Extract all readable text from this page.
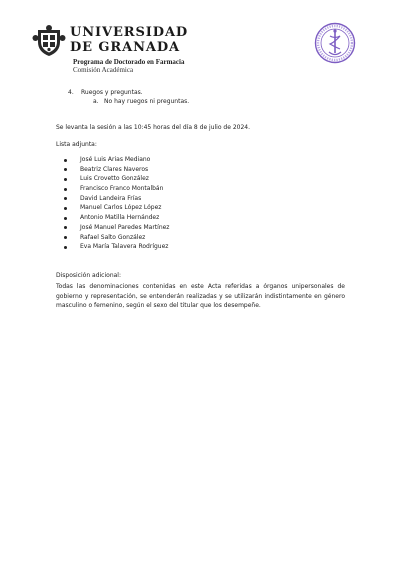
UNIVERSIDAD
DE GRANADA
Programa de Doctorado en Farmacia
Comisión Académica
4. Ruegos y preguntas.
a. No hay ruegos ni preguntas.
Se levanta la sesión a las 10:45 horas del día 8 de julio de 2024.
Lista adjunta:
José Luis Arias Mediano
Beatriz Clares Naveros
Luis Crovetto González
Francisco Franco Montalbán
David Landeira Frías
Manuel Carlos López López
Antonio Matilla Hernández
José Manuel Paredes Martínez
Rafael Salto González
Eva María Talavera Rodríguez
Disposición adicional:
Todas las denominaciones contenidas en este Acta referidas a órganos unipersonales de gobierno y representación, se entenderán realizadas y se utilizarán indistintamente en género masculino o femenino, según el sexo del titular que los desempeñe.
